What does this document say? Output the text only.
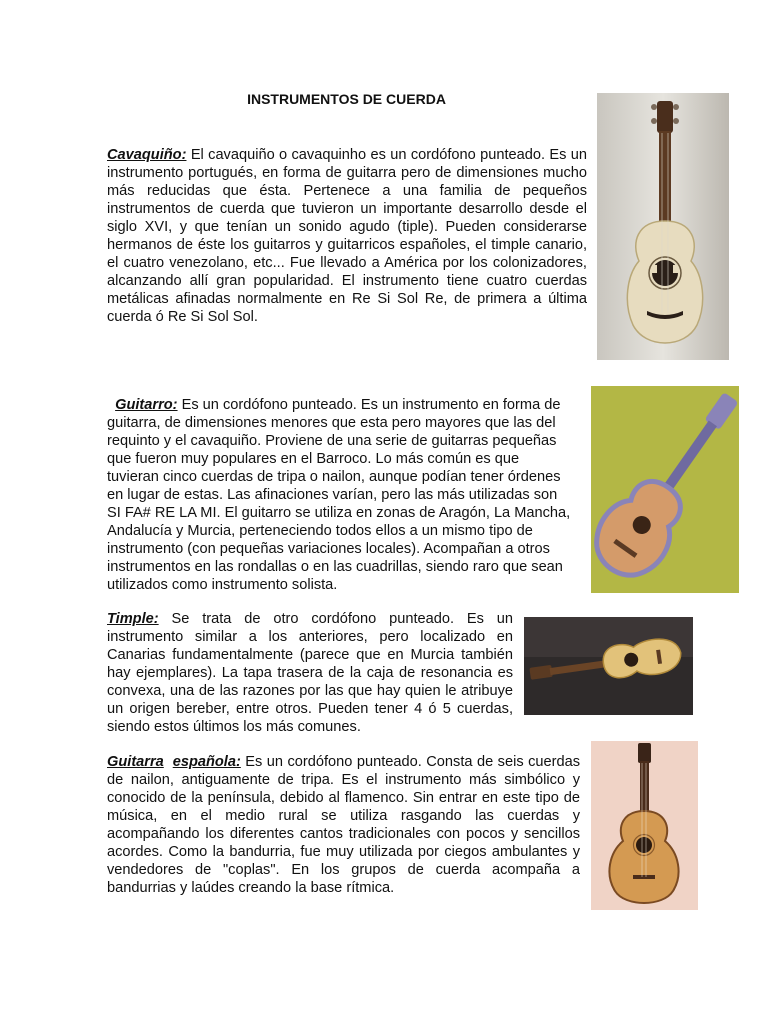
INSTRUMENTOS DE CUERDA

Cavaquiño: El cavaquiño o cavaquinho es un cordófono punteado. Es un instrumento portugués, en forma de guitarra pero de dimensiones mucho más reducidas que ésta. Pertenece a una familia de pequeños instrumentos de cuerda que tuvieron un importante desarrollo desde el siglo XVI, y que tenían un sonido agudo (tiple). Pueden considerarse hermanos de éste los guitarros y guitarricos españoles, el timple canario, el cuatro venezolano, etc... Fue llevado a América por los colonizadores, alcanzando allí gran popularidad. El instrumento tiene cuatro cuerdas metálicas afinadas normalmente en Re Si Sol Re, de primera a última cuerda ó Re Si Sol Sol.

Guitarro: Es un cordófono punteado. Es un instrumento en forma de guitarra, de dimensiones menores que esta pero mayores que las del requinto y el cavaquiño. Proviene de una serie de guitarras pequeñas que fueron muy populares en el Barroco. Lo más común es que tuvieran cinco cuerdas de tripa o nailon, aunque podían tener órdenes en lugar de estas. Las afinaciones varían, pero las más utilizadas son SI FA# RE LA MI. El guitarro se utiliza en zonas de Aragón, La Mancha, Andalucía y Murcia, perteneciendo todos ellos a un mismo tipo de instrumento (con pequeñas variaciones locales). Acompañan a otros instrumentos en las rondallas o en las cuadrillas, siendo raro que sean utilizados como instrumento solista.

Timple: Se trata de otro cordófono punteado. Es un instrumento similar a los anteriores, pero localizado en Canarias fundamentalmente (parece que en Murcia también hay ejemplares). La tapa trasera de la caja de resonancia es convexa, una de las razones por las que hay quien le atribuye un origen bereber, entre otros. Pueden tener 4 ó 5 cuerdas, siendo estos últimos los más comunes.

Guitarra española: Es un cordófono punteado. Consta de seis cuerdas de nailon, antiguamente de tripa. Es el instrumento más simbólico y conocido de la península, debido al flamenco. Sin entrar en este tipo de música, en el medio rural se utiliza rasgando las cuerdas y acompañando los diferentes cantos tradicionales con pocos y sencillos acordes. Como la bandurria, fue muy utilizada por ciegos ambulantes y vendedores de "coplas". En los grupos de cuerda acompaña a bandurrias y laúdes creando la base rítmica.
